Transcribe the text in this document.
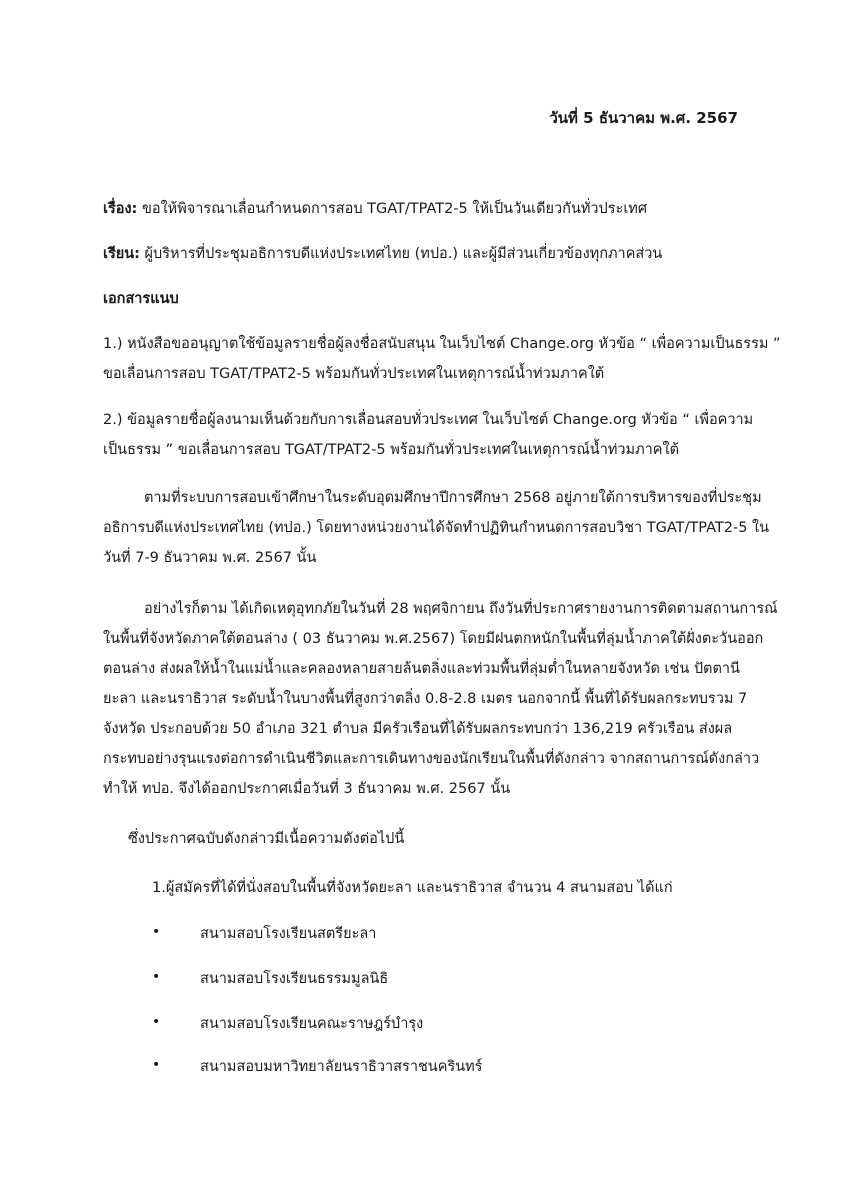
วันที่ 5 ธันวาคม พ.ศ. 2567
เรื่อง: ขอให้พิจารณาเลื่อนกำหนดการสอบ TGAT/TPAT2-5 ให้เป็นวันเดียวกันทั่วประเทศ
เรียน: ผู้บริหารที่ประชุมอธิการบดีแห่งประเทศไทย (ทปอ.) และผู้มีส่วนเกี่ยวข้องทุกภาคส่วน
เอกสารแนบ
1.) หนังสือขออนุญาตใช้ข้อมูลรายชื่อผู้ลงชื่อสนับสนุน ในเว็บไซต์ Change.org หัวข้อ “ เพื่อความเป็นธรรม ”
ขอเลื่อนการสอบ TGAT/TPAT2-5 พร้อมกันทั่วประเทศในเหตุการณ์น้ำท่วมภาคใต้
2.) ข้อมูลรายชื่อผู้ลงนามเห็นด้วยกับการเลื่อนสอบทั่วประเทศ ในเว็บไซต์ Change.org หัวข้อ “ เพื่อความ
เป็นธรรม ” ขอเลื่อนการสอบ TGAT/TPAT2-5 พร้อมกันทั่วประเทศในเหตุการณ์น้ำท่วมภาคใต้
ตามที่ระบบการสอบเข้าศึกษาในระดับอุดมศึกษาปีการศึกษา 2568 อยู่ภายใต้การบริหารของที่ประชุม
อธิการบดีแห่งประเทศไทย (ทปอ.) โดยทางหน่วยงานได้จัดทำปฏิทินกำหนดการสอบวิชา TGAT/TPAT2-5 ใน
วันที่ 7-9 ธันวาคม พ.ศ. 2567 นั้น
อย่างไรก็ตาม ได้เกิดเหตุอุทกภัยในวันที่ 28 พฤศจิกายน ถึงวันที่ประกาศรายงานการติดตามสถานการณ์
ในพื้นที่จังหวัดภาคใต้ตอนล่าง ( 03 ธันวาคม พ.ศ.2567) โดยมีฝนตกหนักในพื้นที่ลุ่มน้ำภาคใต้ฝั่งตะวันออก
ตอนล่าง ส่งผลให้น้ำในแม่น้ำและคลองหลายสายล้นตลิ่งและท่วมพื้นที่ลุ่มต่ำในหลายจังหวัด เช่น ปัตตานี
ยะลา และนราธิวาส ระดับน้ำในบางพื้นที่สูงกว่าตลิ่ง 0.8-2.8 เมตร นอกจากนี้ พื้นที่ได้รับผลกระทบรวม 7
จังหวัด ประกอบด้วย 50 อำเภอ 321 ตำบล มีครัวเรือนที่ได้รับผลกระทบกว่า 136,219 ครัวเรือน ส่งผล
กระทบอย่างรุนแรงต่อการดำเนินชีวิตและการเดินทางของนักเรียนในพื้นที่ดังกล่าว จากสถานการณ์ดังกล่าว
ทำให้ ทปอ. จึงได้ออกประกาศเมื่อวันที่ 3 ธันวาคม พ.ศ. 2567 นั้น
ซึ่งประกาศฉบับดังกล่าวมีเนื้อความดังต่อไปนี้
1.ผู้สมัครที่ได้ที่นั่งสอบในพื้นที่จังหวัดยะลา และนราธิวาส จำนวน 4 สนามสอบ ได้แก่
•	สนามสอบโรงเรียนสตรียะลา
•	สนามสอบโรงเรียนธรรมมูลนิธิ
•	สนามสอบโรงเรียนคณะราษฎร์บำรุง
•	สนามสอบมหาวิทยาลัยนราธิวาสราชนครินทร์
